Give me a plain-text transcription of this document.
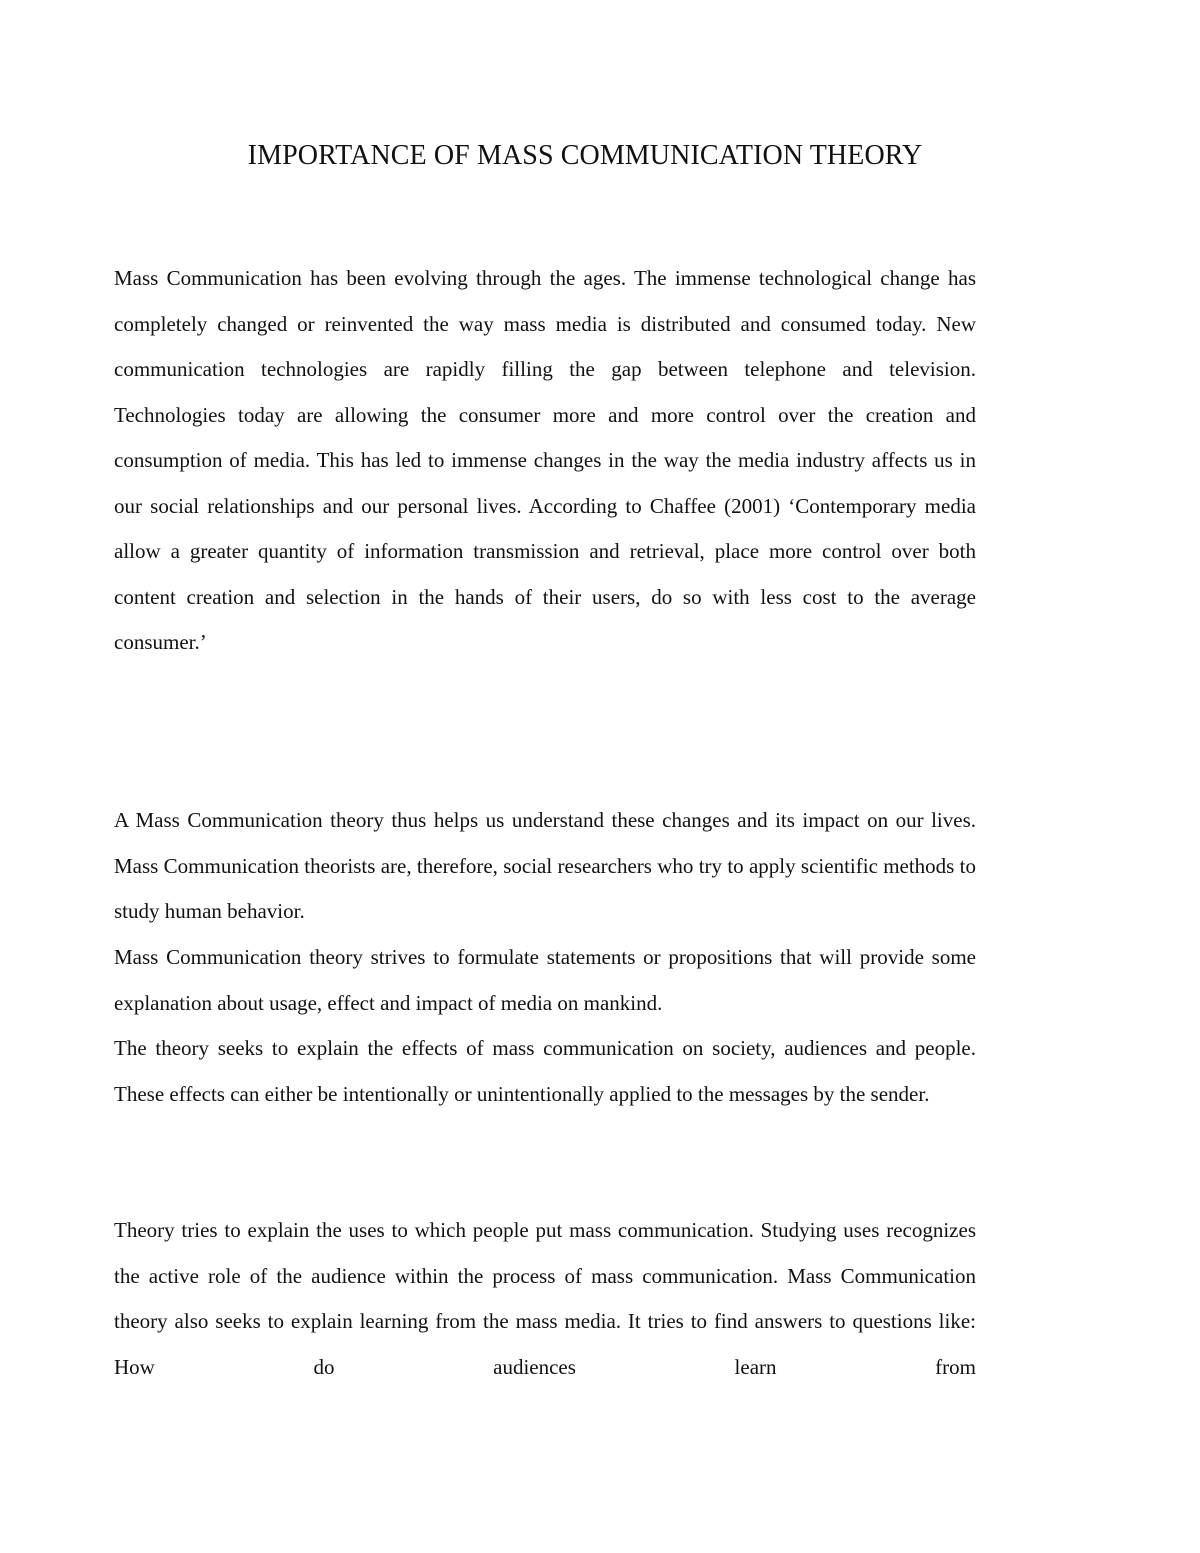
IMPORTANCE OF MASS COMMUNICATION THEORY

Mass Communication has been evolving through the ages. The immense technological change has completely changed or reinvented the way mass media is distributed and consumed today. New communication technologies are rapidly filling the gap between telephone and television. Technologies today are allowing the consumer more and more control over the creation and consumption of media. This has led to immense changes in the way the media industry affects us in our social relationships and our personal lives. According to Chaffee (2001) ‘Contemporary media allow a greater quantity of information transmission and retrieval, place more control over both content creation and selection in the hands of their users, do so with less cost to the average consumer.’

A Mass Communication theory thus helps us understand these changes and its impact on our lives. Mass Communication theorists are, therefore, social researchers who try to apply scientific methods to study human behavior.

Mass Communication theory strives to formulate statements or propositions that will provide some explanation about usage, effect and impact of media on mankind.

The theory seeks to explain the effects of mass communication on society, audiences and people. These effects can either be intentionally or unintentionally applied to the messages by the sender.

Theory tries to explain the uses to which people put mass communication. Studying uses recognizes the active role of the audience within the process of mass communication. Mass Communication theory also seeks to explain learning from the mass media. It tries to find answers to questions like: How do audiences learn from
